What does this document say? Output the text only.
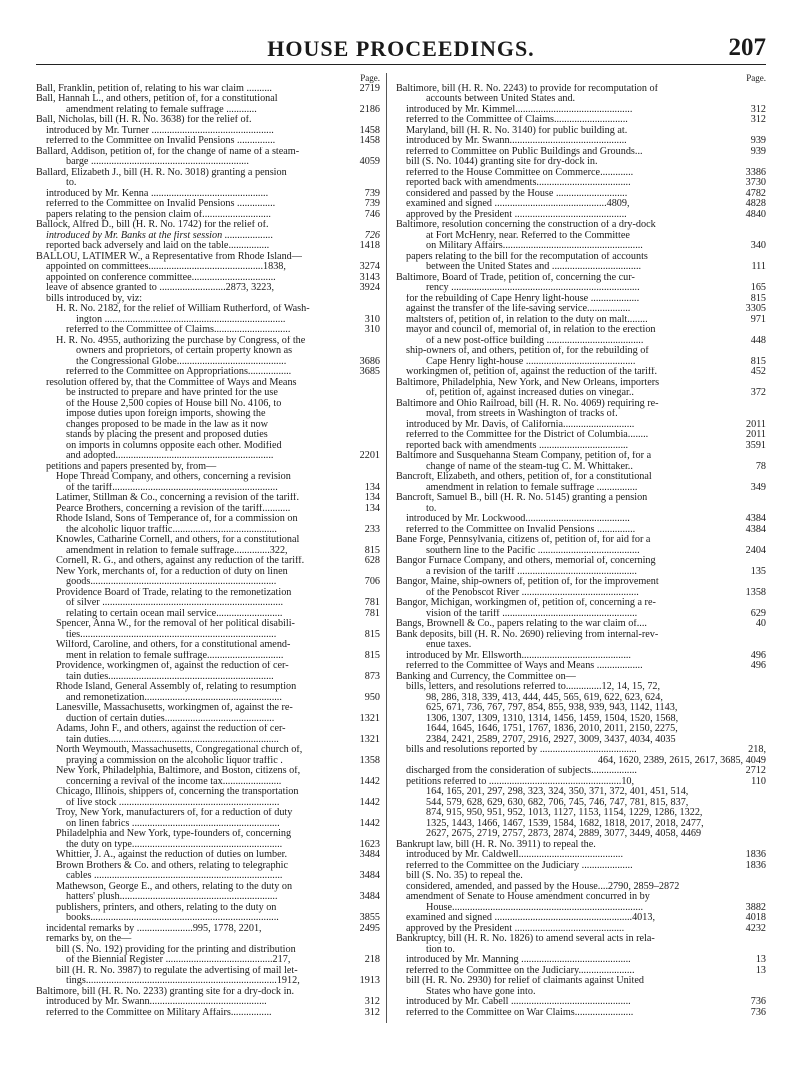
HOUSE PROCEEDINGS.	207
Page.
Ball, Franklin, petition of, relating to his war claim ..........	2719
Ball, Hannah L., and others, petition of, for a constitutional
amendment relating to female suffrage ............	2186
Ball, Nicholas, bill (H. R. No. 3638) for the relief of.
introduced by Mr. Turner ................................................	1458
referred to the Committee on Invalid Pensions ...............	1458
Ballard, Addison, petition of, for the change of name of a steam-
barge ..............................................................	4059
Ballard, Elizabeth J., bill (H. R. No. 3018) granting a pension
to.
introduced by Mr. Kenna ..............................................	739
referred to the Committee on Invalid Pensions ...............	739
papers relating to the pension claim of...........................	746
Ballock, Alfred D., bill (H. R. No. 1742) for the relief of.
introduced by Mr. Banks at the first session ...................	726
reported back adversely and laid on the table................	1418
BALLOU, LATIMER W., a Representative from Rhode Island—
appointed on committees.............................................1838,	3274
appointed on conference committee.................................	3143
leave of absence granted to ..........................2873, 3223,	3924
bills introduced by, viz:
H. R. No. 2182, for the relief of William Rutherford, of Wash-
ington .......................................................................	310
referred to the Committee of Claims..............................	310
H. R. No. 4955, authorizing the purchase by Congress, of the
owners and proprietors, of certain property known as
the Congressional Globe...........................................	3686
referred to the Committee on Appropriations.................	3685
resolution offered by, that the Committee of Ways and Means
be instructed to prepare and have printed for the use
of the House 2,500 copies of House bill No. 4106, to
impose duties upon foreign imports, showing the
changes proposed to be made in the law as it now
stands by placing the present and proposed duties
on imports in columns opposite each other. Modified
and adopted..............................................................	2201
petitions and papers presented by, from—
Hope Thread Company, and others, concerning a revision
of the tariff.................................................................	134
Latimer, Stillman & Co., concerning a revision of the tariff.	134
Pearce Brothers, concerning a revision of the tariff...........	134
Rhode Island, Sons of Temperance of, for a commission on
the alcoholic liquor traffic.........................................	233
Knowles, Catharine Cornell, and others, for a constitutional
amendment in relation to female suffrage..............322,	815
Cornell, R. G., and others, against any reduction of the tariff.	628
New York, merchants of, for a reduction of duty on linen
goods.........................................................................	706
Providence Board of Trade, relating to the remonetization
of silver .......................................................................	781
relating to certain ocean mail service..........................	781
Spencer, Anna W., for the removal of her political disabili-
ties.............................................................................	815
Wilford, Caroline, and others, for a constitutional amend-
ment in relation to female suffrage..............................	815
Providence, workingmen of, against the reduction of cer-
tain duties.................................................................	873
Rhode Island, General Assembly of, relating to resumption
and remonetization......................................................	950
Lanesville, Massachusetts, workingmen of, against the re-
duction of certain duties...........................................	1321
Adams, John F., and others, against the reduction of cer-
tain duties...................................................................	1321
North Weymouth, Massachusetts, Congregational church of,
praying a commission on the alcoholic liquor traffic .	1358
New York, Philadelphia, Baltimore, and Boston, citizens of,
concerning a revival of the income tax.......................	1442
Chicago, Illinois, shippers of, concerning the transportation
of live stock ...............................................................	1442
Troy, New York, manufacturers of, for a reduction of duty
on linen fabrics ..........................................................	1442
Philadelphia and New York, type-founders of, concerning
the duty on type...........................................................	1623
Whittier, J. A., against the reduction of duties on lumber.	3484
Brown Brothers & Co. and others, relating to telegraphic
cables ..........................................................................	3484
Mathewson, George E., and others, relating to the duty on
hatters' plush..............................................................	3484
publishers, printers, and others, relating to the duty on
books..........................................................................	3855
incidental remarks by ......................995, 1778, 2201,	2495
remarks by, on the—
bill (S. No. 192) providing for the printing and distribution
of the Biennial Register ..........................................217,	218
bill (H. R. No. 3987) to regulate the advertising of mail let-
tings...........................................................................1912,	1913
Baltimore, bill (H. R. No. 2233) granting site for a dry-dock in.
introduced by Mr. Swann..............................................	312
referred to the Committee on Military Affairs................	312
Page.
Baltimore, bill (H. R. No. 2243) to provide for recomputation of
accounts between United States and.
introduced by Mr. Kimmel..............................................	312
referred to the Committee of Claims.............................	312
Maryland, bill (H. R. No. 3140) for public building at.
introduced by Mr. Swann..............................................	939
referred to Committee on Public Buildings and Grounds...	939
bill (S. No. 1044) granting site for dry-dock in.
referred to the House Committee on Commerce.............	3386
reported back with amendments.....................................	3730
considered and passed by the House ............................	4782
examined and signed ............................................4809,	4828
approved by the President ............................................	4840
Baltimore, resolution concerning the construction of a dry-dock
at Fort McHenry, near. Referred to the Committee
on Military Affairs.......................................................	340
papers relating to the bill for the recomputation of accounts
between the United States and ...................................	111
Baltimore, Board of Trade, petition of, concerning the cur-
rency ..........................................................................	165
for the rebuilding of Cape Henry light-house ...................	815
against the transfer of the life-saving service.................	3305
maltsters of, petition of, in relation to the duty on malt........	971
mayor and council of, memorial of, in relation to the erection
of a new post-office building ......................................	448
ship-owners of, and others, petition of, for the rebuilding of
Cape Henry light-house ...........................................	815
workingmen of, petition of, against the reduction of the tariff.	452
Baltimore, Philadelphia, New York, and New Orleans, importers
of, petition of, against increased duties on vinegar..	372
Baltimore and Ohio Railroad, bill (H. R. No. 4069) requiring re-
moval, from streets in Washington of tracks of.
introduced by Mr. Davis, of California............................	2011
referred to the Committee for the District of Columbia........	2011
reported back with amendments ...................................	3591
Baltimore and Susquehanna Steam Company, petition of, for a
change of name of the steam-tug C. M. Whittaker..	78
Bancroft, Elizabeth, and others, petition of, for a constitutional
amendment in relation to female suffrage ................	349
Bancroft, Samuel B., bill (H. R. No. 5145) granting a pension
to.
introduced by Mr. Lockwood.........................................	4384
referred to the Committee on Invalid Pensions ...............	4384
Bane Forge, Pennsylvania, citizens of, petition of, for aid for a
southern line to the Pacific ........................................	2404
Bangor Furnace Company, and others, memorial of, concerning
a revision of the tariff ...............................................	135
Bangor, Maine, ship-owners of, petition of, for the improvement
of the Penobscot River ..............................................	1358
Bangor, Michigan, workingmen of, petition of, concerning a re-
vision of the tariff .....................................................	629
Bangs, Brownell & Co., papers relating to the war claim of....	40
Bank deposits, bill (H. R. No. 2690) relieving from internal-rev-
enue taxes.
introduced by Mr. Ellsworth...........................................	496
referred to the Committee of Ways and Means ..................	496
Banking and Currency, the Committee on—
bills, letters, and resolutions referred to..............12, 14, 15, 72,
98, 286, 318, 339, 413, 444, 445, 565, 619, 622, 623, 624,
625, 671, 736, 767, 797, 854, 855, 938, 939, 943, 1142, 1143,
1306, 1307, 1309, 1310, 1314, 1456, 1459, 1504, 1520, 1568,
1644, 1645, 1646, 1751, 1767, 1836, 2010, 2011, 2150, 2275,
2384, 2421, 2589, 2707, 2916, 2927, 3009, 3437, 4034, 4035
bills and resolutions reported by ......................................	218,
464, 1620, 2389, 2615, 2617, 3685, 4049
discharged from the consideration of subjects..................	2712
petitions referred to ....................................................10,	110
164, 165, 201, 297, 298, 323, 324, 350, 371, 372, 401, 451, 514,
544, 579, 628, 629, 630, 682, 706, 745, 746, 747, 781, 815, 837,
874, 915, 950, 951, 952, 1013, 1127, 1153, 1154, 1229, 1286, 1322,
1325, 1443, 1466, 1467, 1539, 1584, 1682, 1818, 2017, 2018, 2477,
2627, 2675, 2719, 2757, 2873, 2874, 2889, 3077, 3449, 4058, 4469
Bankrupt law, bill (H. R. No. 3911) to repeal the.
introduced by Mr. Caldwell.........................................	1836
referred to the Committee on the Judiciary ....................	1836
bill (S. No. 35) to repeal the.
considered, amended, and passed by the House....2790, 2859–2872
amendment of Senate to House amendment concurred in by
House...........................................................................	3882
examined and signed ......................................................4013,	4018
approved by the President ...........................................	4232
Bankruptcy, bill (H. R. No. 1826) to amend several acts in rela-
tion to.
introduced by Mr. Manning ...........................................	13
referred to the Committee on the Judiciary......................	13
bill (H. R. No. 2930) for relief of claimants against United
States who have gone into.
introduced by Mr. Cabell ...............................................	736
referred to the Committee on War Claims.......................	736
